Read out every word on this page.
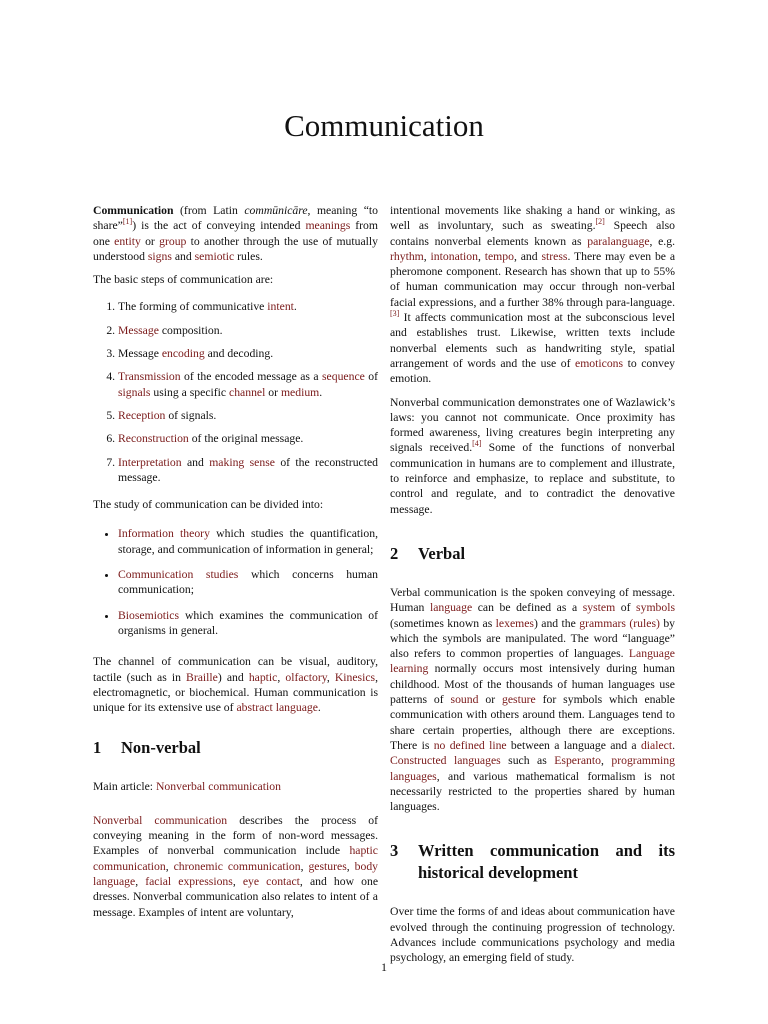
Communication

Communication (from Latin commūnicāre, meaning “to share”[1]) is the act of conveying intended meanings from one entity or group to another through the use of mutually understood signs and semiotic rules.

The basic steps of communication are:

1. The forming of communicative intent.
2. Message composition.
3. Message encoding and decoding.
4. Transmission of the encoded message as a sequence of signals using a specific channel or medium.
5. Reception of signals.
6. Reconstruction of the original message.
7. Interpretation and making sense of the reconstructed message.

The study of communication can be divided into:

• Information theory which studies the quantification, storage, and communication of information in general;
• Communication studies which concerns human communication;
• Biosemiotics which examines the communication of organisms in general.

The channel of communication can be visual, auditory, tactile (such as in Braille) and haptic, olfactory, Kinesics, electromagnetic, or biochemical. Human communication is unique for its extensive use of abstract language.

1	Non-verbal

Main article: Nonverbal communication

Nonverbal communication describes the process of conveying meaning in the form of non-word messages. Examples of nonverbal communication include haptic communication, chronemic communication, gestures, body language, facial expressions, eye contact, and how one dresses. Nonverbal communication also relates to intent of a message. Examples of intent are voluntary,

intentional movements like shaking a hand or winking, as well as involuntary, such as sweating.[2] Speech also contains nonverbal elements known as paralanguage, e.g. rhythm, intonation, tempo, and stress. There may even be a pheromone component. Research has shown that up to 55% of human communication may occur through non-verbal facial expressions, and a further 38% through para-language.[3] It affects communication most at the subconscious level and establishes trust. Likewise, written texts include nonverbal elements such as handwriting style, spatial arrangement of words and the use of emoticons to convey emotion.

Nonverbal communication demonstrates one of Wazlawick’s laws: you cannot not communicate. Once proximity has formed awareness, living creatures begin interpreting any signals received.[4] Some of the functions of nonverbal communication in humans are to complement and illustrate, to reinforce and emphasize, to replace and substitute, to control and regulate, and to contradict the denovative message.

2	Verbal

Verbal communication is the spoken conveying of message. Human language can be defined as a system of symbols (sometimes known as lexemes) and the grammars (rules) by which the symbols are manipulated. The word “language” also refers to common properties of languages. Language learning normally occurs most intensively during human childhood. Most of the thousands of human languages use patterns of sound or gesture for symbols which enable communication with others around them. Languages tend to share certain properties, although there are exceptions. There is no defined line between a language and a dialect. Constructed languages such as Esperanto, programming languages, and various mathematical formalism is not necessarily restricted to the properties shared by human languages.

3	Written communication and its historical development

Over time the forms of and ideas about communication have evolved through the continuing progression of technology. Advances include communications psychology and media psychology, an emerging field of study.

1
